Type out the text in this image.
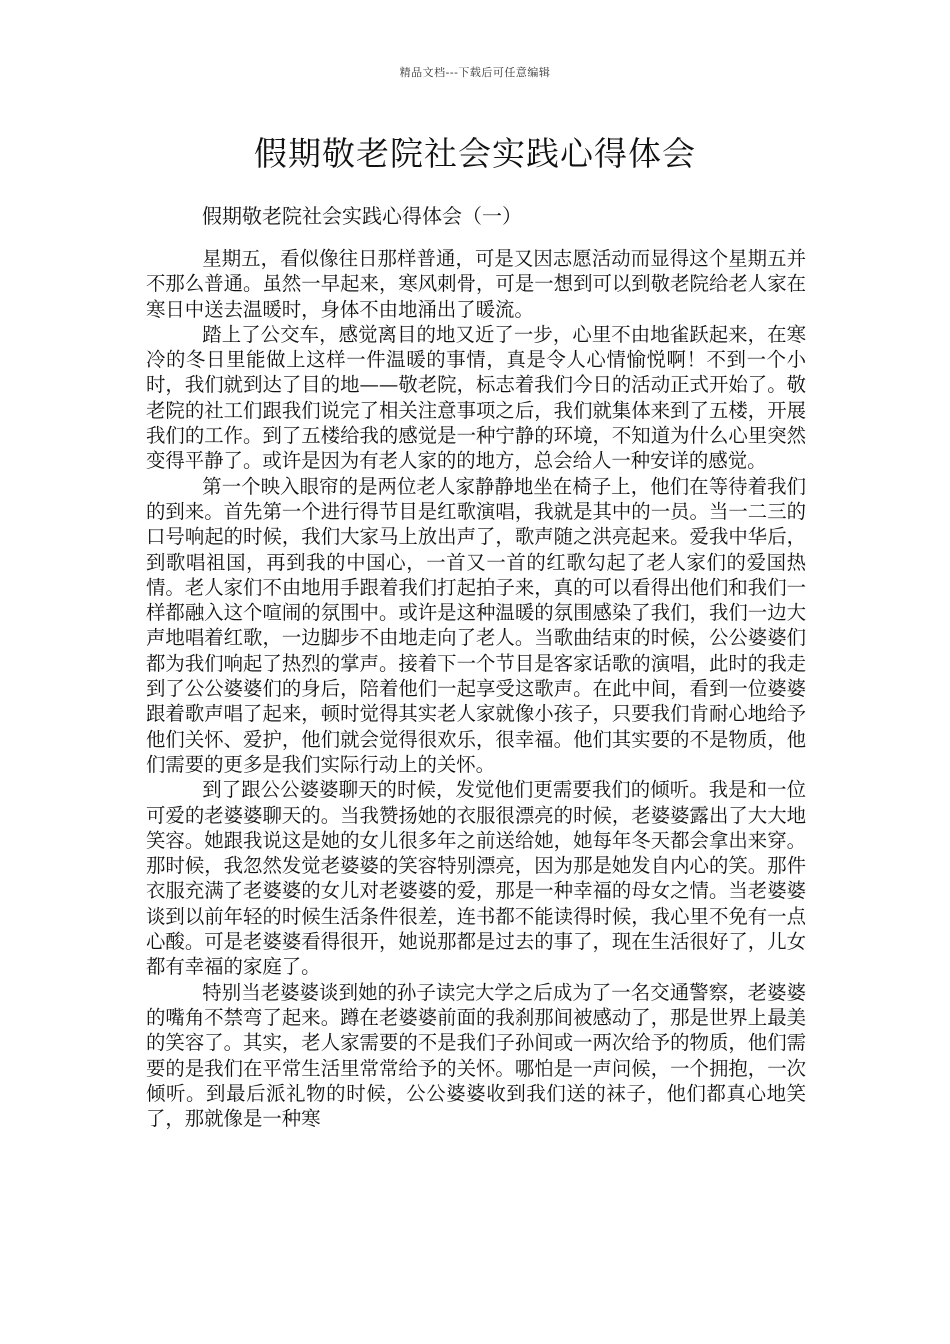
精品文档---下载后可任意编辑
假期敬老院社会实践心得体会
假期敬老院社会实践心得体会（一）

星期五，看似像往日那样普通，可是又因志愿活动而显得这个星期五并不那么普通。虽然一早起来，寒风刺骨，可是一想到可以到敬老院给老人家在寒日中送去温暖时，身体不由地涌出了暖流。

踏上了公交车，感觉离目的地又近了一步，心里不由地雀跃起来，在寒冷的冬日里能做上这样一件温暖的事情，真是令人心情愉悦啊！不到一个小时，我们就到达了目的地——敬老院，标志着我们今日的活动正式开始了。敬老院的社工们跟我们说完了相关注意事项之后，我们就集体来到了五楼，开展我们的工作。到了五楼给我的感觉是一种宁静的环境，不知道为什么心里突然变得平静了。或许是因为有老人家的的地方，总会给人一种安详的感觉。

第一个映入眼帘的是两位老人家静静地坐在椅子上，他们在等待着我们的到来。首先第一个进行得节目是红歌演唱，我就是其中的一员。当一二三的口号响起的时候，我们大家马上放出声了，歌声随之洪亮起来。爱我中华后，到歌唱祖国，再到我的中国心，一首又一首的红歌勾起了老人家们的爱国热情。老人家们不由地用手跟着我们打起拍子来，真的可以看得出他们和我们一样都融入这个喧闹的氛围中。或许是这种温暖的氛围感染了我们，我们一边大声地唱着红歌，一边脚步不由地走向了老人。当歌曲结束的时候，公公婆婆们都为我们响起了热烈的掌声。接着下一个节目是客家话歌的演唱，此时的我走到了公公婆婆们的身后，陪着他们一起享受这歌声。在此中间，看到一位婆婆跟着歌声唱了起来，顿时觉得其实老人家就像小孩子，只要我们肯耐心地给予他们关怀、爱护，他们就会觉得很欢乐，很幸福。他们其实要的不是物质，他们需要的更多是我们实际行动上的关怀。

到了跟公公婆婆聊天的时候，发觉他们更需要我们的倾听。我是和一位可爱的老婆婆聊天的。当我赞扬她的衣服很漂亮的时候，老婆婆露出了大大地笑容。她跟我说这是她的女儿很多年之前送给她，她每年冬天都会拿出来穿。那时候，我忽然发觉老婆婆的笑容特别漂亮，因为那是她发自内心的笑。那件衣服充满了老婆婆的女儿对老婆婆的爱，那是一种幸福的母女之情。当老婆婆谈到以前年轻的时候生活条件很差，连书都不能读得时候，我心里不免有一点心酸。可是老婆婆看得很开，她说那都是过去的事了，现在生活很好了，儿女都有幸福的家庭了。

特别当老婆婆谈到她的孙子读完大学之后成为了一名交通警察，老婆婆的嘴角不禁弯了起来。蹲在老婆婆前面的我刹那间被感动了，那是世界上最美的笑容了。其实，老人家需要的不是我们子孙间或一两次给予的物质，他们需要的是我们在平常生活里常常给予的关怀。哪怕是一声问候，一个拥抱，一次倾听。到最后派礼物的时候，公公婆婆收到我们送的袜子，他们都真心地笑了，那就像是一种寒
